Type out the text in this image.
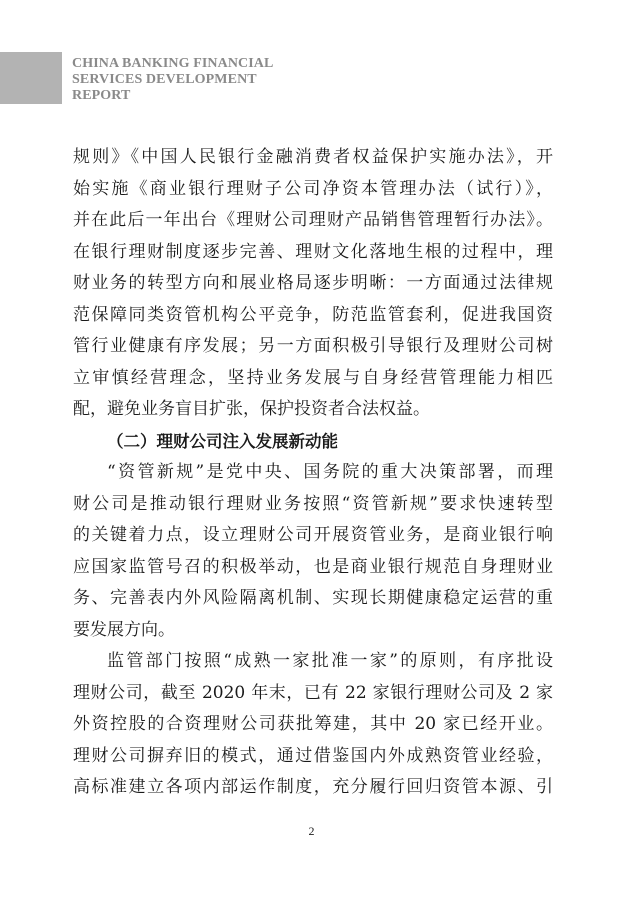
CHINA BANKING FINANCIAL
SERVICES DEVELOPMENT
REPORT
规则》《中国人民银行金融消费者权益保护实施办法》，开
始实施《商业银行理财子公司净资本管理办法（试行）》，
并在此后一年出台《理财公司理财产品销售管理暂行办法》。
在银行理财制度逐步完善、理财文化落地生根的过程中，理
财业务的转型方向和展业格局逐步明晰：一方面通过法律规
范保障同类资管机构公平竞争，防范监管套利，促进我国资
管行业健康有序发展；另一方面积极引导银行及理财公司树
立审慎经营理念，坚持业务发展与自身经营管理能力相匹
配，避免业务盲目扩张，保护投资者合法权益。
（二）理财公司注入发展新动能
“资管新规”是党中央、国务院的重大决策部署，而理
财公司是推动银行理财业务按照“资管新规”要求快速转型
的关键着力点，设立理财公司开展资管业务，是商业银行响
应国家监管号召的积极举动，也是商业银行规范自身理财业
务、完善表内外风险隔离机制、实现长期健康稳定运营的重
要发展方向。
监管部门按照“成熟一家批准一家”的原则，有序批设
理财公司，截至 2020 年末，已有 22 家银行理财公司及 2 家
外资控股的合资理财公司获批筹建，其中 20 家已经开业。
理财公司摒弃旧的模式，通过借鉴国内外成熟资管业经验，
高标准建立各项内部运作制度，充分履行回归资管本源、引
2
